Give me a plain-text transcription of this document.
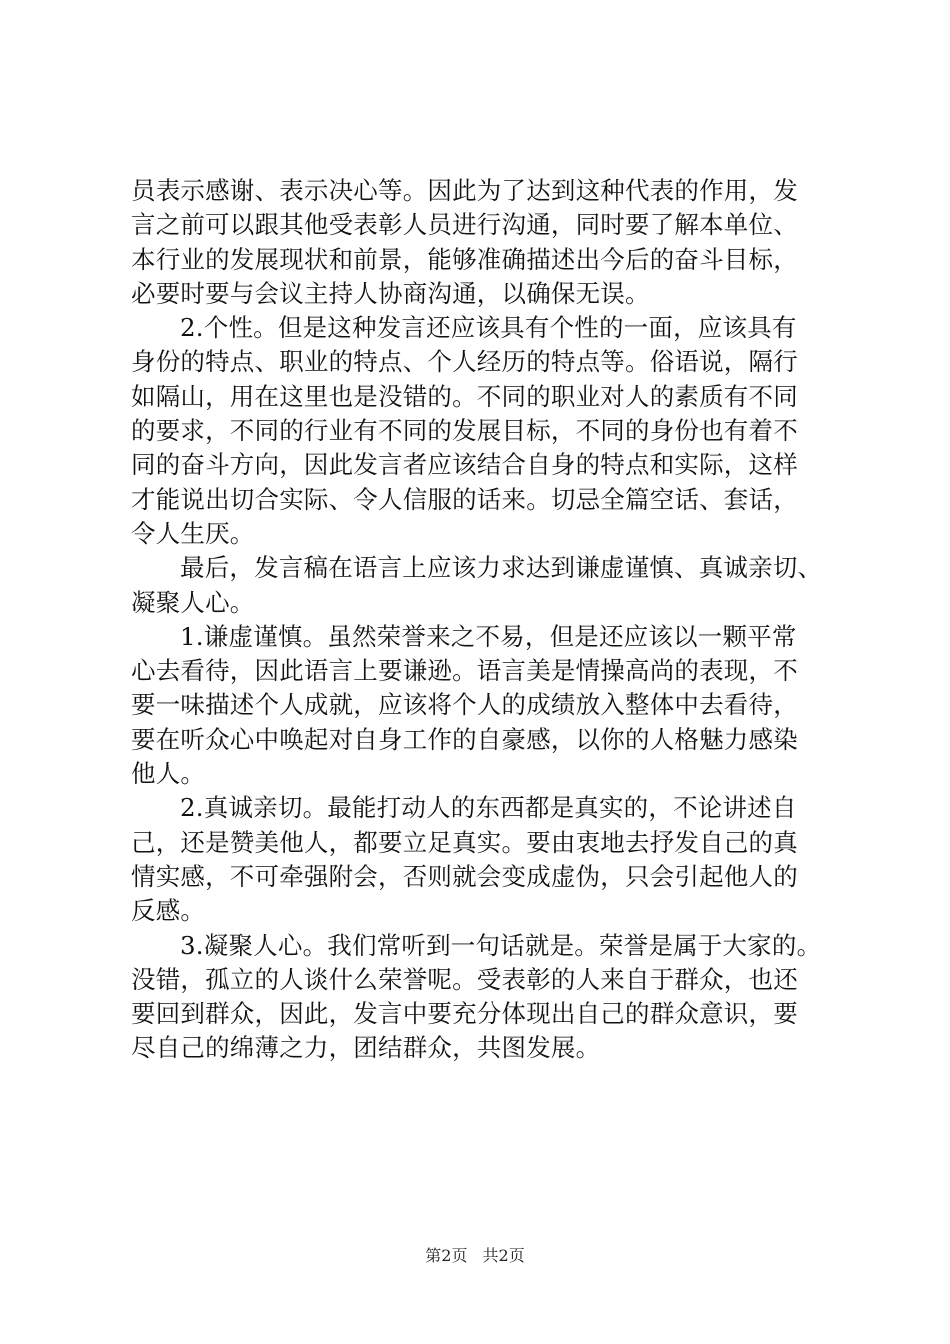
员表示感谢、表示决心等。因此为了达到这种代表的作用，发
言之前可以跟其他受表彰人员进行沟通，同时要了解本单位、
本行业的发展现状和前景，能够准确描述出今后的奋斗目标，
必要时要与会议主持人协商沟通，以确保无误。
2.个性。但是这种发言还应该具有个性的一面，应该具有
身份的特点、职业的特点、个人经历的特点等。俗语说，隔行
如隔山，用在这里也是没错的。不同的职业对人的素质有不同
的要求，不同的行业有不同的发展目标，不同的身份也有着不
同的奋斗方向，因此发言者应该结合自身的特点和实际，这样
才能说出切合实际、令人信服的话来。切忌全篇空话、套话，
令人生厌。
最后，发言稿在语言上应该力求达到谦虚谨慎、真诚亲切、
凝聚人心。
1.谦虚谨慎。虽然荣誉来之不易，但是还应该以一颗平常
心去看待，因此语言上要谦逊。语言美是情操高尚的表现，不
要一味描述个人成就，应该将个人的成绩放入整体中去看待，
要在听众心中唤起对自身工作的自豪感，以你的人格魅力感染
他人。
2.真诚亲切。最能打动人的东西都是真实的，不论讲述自
己，还是赞美他人，都要立足真实。要由衷地去抒发自己的真
情实感，不可牵强附会，否则就会变成虚伪，只会引起他人的
反感。
3.凝聚人心。我们常听到一句话就是。荣誉是属于大家的。
没错，孤立的人谈什么荣誉呢。受表彰的人来自于群众，也还
要回到群众，因此，发言中要充分体现出自己的群众意识，要
尽自己的绵薄之力，团结群众，共图发展。
第2页 共2页
